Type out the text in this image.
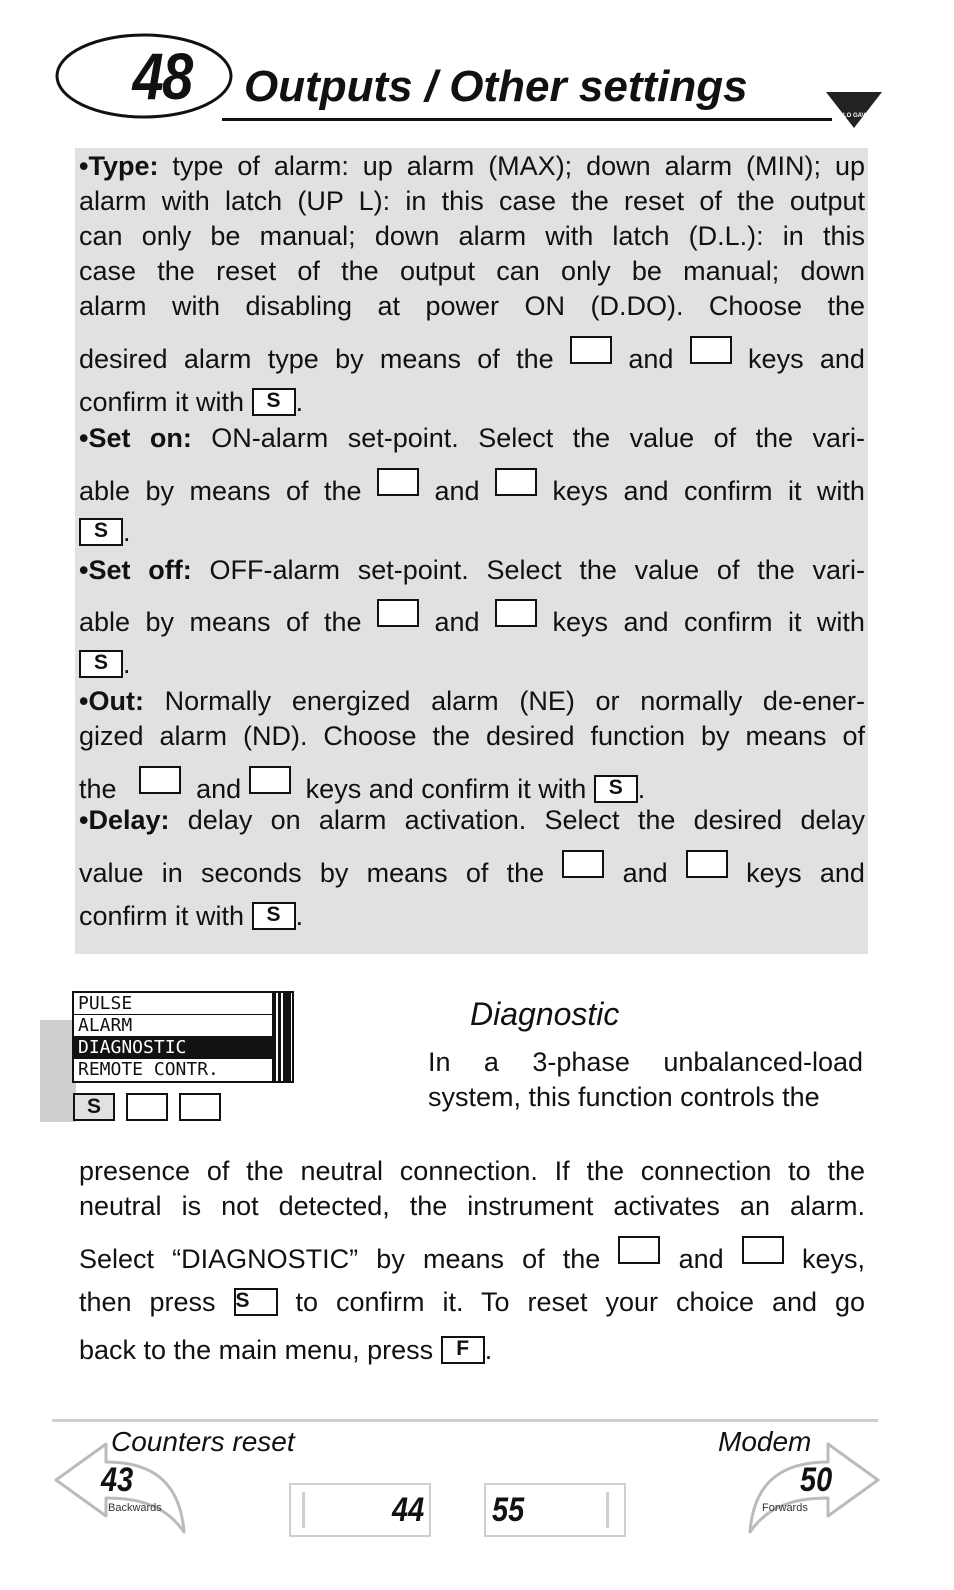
48 Outputs / Other settings
CARLO GAVAZZI
•Type: type of alarm: up alarm (MAX); down alarm (MIN); up
alarm with latch (UP L): in this case the reset of the output
can only be manual; down alarm with latch (D.L.): in this
case the reset of the output can only be manual; down
alarm with disabling at power ON (D.DO). Choose the
desired alarm type by means of the	and	keys and
confirm it with S .
•Set on: ON-alarm set-point. Select the value of the vari-
able by means of the	and	keys and confirm it with
S .
•Set off: OFF-alarm set-point. Select the value of the vari-
able by means of the	and	keys and confirm it with
S .
•Out: Normally energized alarm (NE) or normally de-ener-
gized alarm (ND). Choose the desired function by means of
the	and keys and confirm it with S .
•Delay: delay on alarm activation. Select the desired delay
value in seconds by means of the	and	keys and
confirm it with S .
PULSE
ALARM
DIAGNOSTIC
REMOTE CONTR.
S
Diagnostic
In a 3-phase unbalanced-load
system, this function controls the
presence of the neutral connection. If the connection to the
neutral is not detected, the instrument activates an alarm.
Select “DIAGNOSTIC” by means of the	and	keys,
then press S to confirm it. To reset your choice and go
back to the main menu, press F .
Counters reset	Modem
43	50
Backwards	Forwards
44 55
